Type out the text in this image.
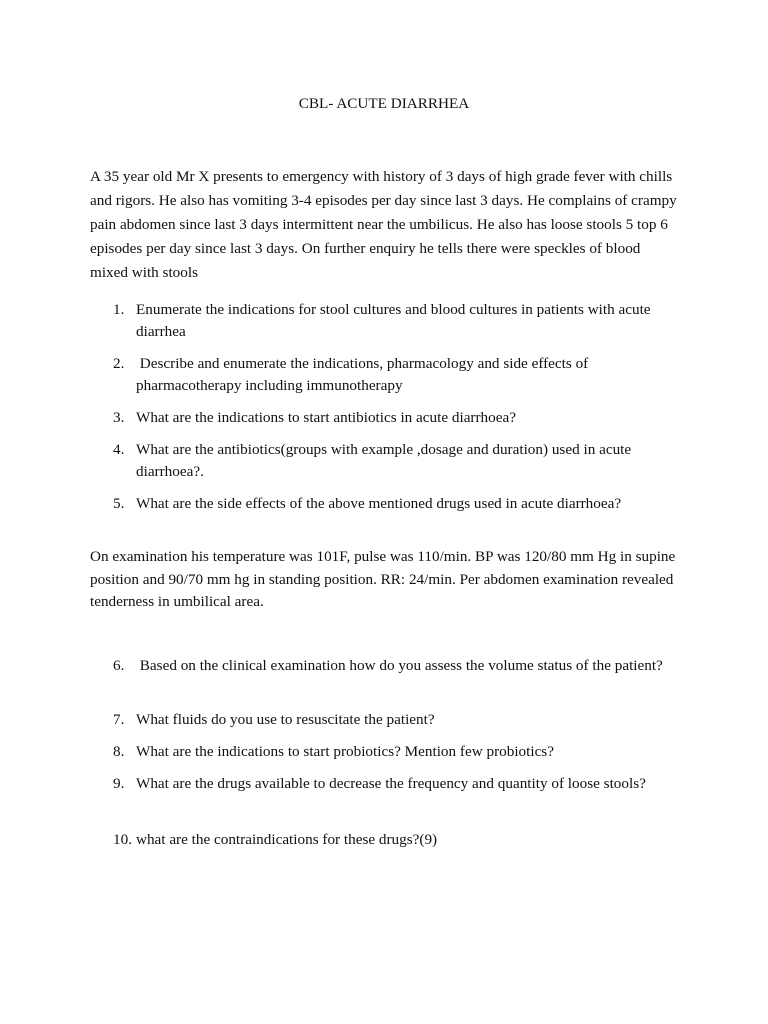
CBL- ACUTE DIARRHEA
A 35 year old Mr X presents to emergency with history of 3 days of high grade fever with chills and rigors. He also has vomiting 3-4 episodes per day since last 3 days. He complains of crampy pain abdomen since last 3 days intermittent near the umbilicus. He also has loose stools 5 top 6 episodes per day since last 3 days. On further enquiry he tells there were speckles of blood mixed with stools
1. Enumerate the indications for stool cultures and blood cultures in patients with acute diarrhea
2. Describe and enumerate the indications, pharmacology and side effects of pharmacotherapy including immunotherapy
3. What are the indications to start antibiotics in acute diarrhoea?
4. What are the antibiotics(groups with example ,dosage and duration) used in acute diarrhoea?.
5. What are the side effects of the above mentioned drugs used in acute diarrhoea?
On examination his temperature was 101F, pulse was 110/min. BP was 120/80 mm Hg in supine position and 90/70 mm hg in standing position. RR: 24/min. Per abdomen examination revealed tenderness in umbilical area.
6. Based on the clinical examination how do you assess the volume status of the patient?
7. What fluids do you use to resuscitate the patient?
8. What are the indications to start probiotics? Mention few probiotics?
9. What are the drugs available to decrease the frequency and quantity of loose stools?
10. what are the contraindications for these drugs?(9)
